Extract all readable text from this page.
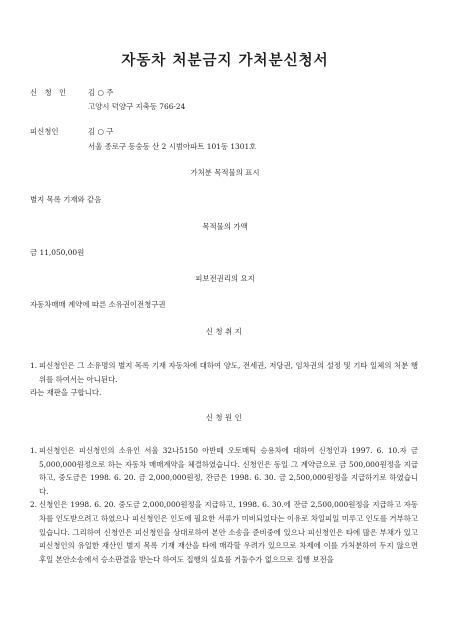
자동차 처분금지 가처분신청서
신 청 인	김 ○ 주
고양시 덕양구 지축동 766-24
피신청인	김 ○ 구
서울 종로구 동숭동 산 2 시범아파트 101동 1301호
가처분 목적물의 표시
별지 목록 기재와 같음
목적물의 가액
금 11,050,00원
피보전권리의 요지
자동차매매 계약에 따른 소유권이전청구권
신청취지
1. 피신청인은 그 소유명의 별지 목록 기재 자동차에 대하여 양도, 전세권, 저당권, 임차권의 설정 및 기타 일체의 처분 행위를 하여서는 아니된다.
라는 재판을 구합니다.
신청원인
1. 피신청인은 피신청인의 소유인 서울 32나5150 아반떼 오토매틱 승용차에 대하여 신청인과 1997. 6. 10.자 금 5,000,000원정으로 하는 자동차 매매계약을 체결하였습니다. 신청인은 동일 그 계약금으로 금 500,000원정을 지급하고, 중도금은 1998. 6. 20. 금 2,000,000원정, 잔금은 1998. 6. 30. 금 2,500,000원정을 지급하기로 하였습니다.
2. 신청인은 1998. 6. 20. 중도금 2,000,000원정을 지급하고, 1998. 6. 30.에 잔금 2,500,000원정을 지급하고 자동차를 인도받으려고 하였으나 피신청인은 인도에 필요한 서류가 미비되었다는 이유로 차일피일 미루고 인도를 거부하고 있습니다. 그리하여 신청인은 피신청인을 상대로하여 본안 소송을 준비중에 있으나 피신청인은 타에 많은 부채가 있고 피신청인의 유일한 재산인 별지 목록 기재 재산을 타에 매각할 우려가 있으므로 차제에 이를 가처분하여 두지 않으면 후일 본안소송에서 승소판결을 받는다 하여도 집행의 실효를 거둘수가 없으므로 집행 보전을
